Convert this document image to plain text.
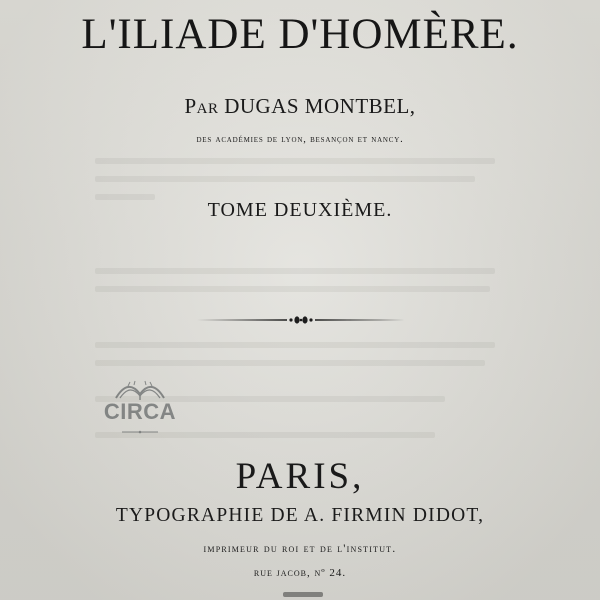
L'ILIADE D'HOMÈRE.
Par DUGAS MONTBEL,
des académies de lyon, besançon et nancy.
TOME DEUXIÈME.
CIRCA
PARIS,
TYPOGRAPHIE DE A. FIRMIN DIDOT,
imprimeur du roi et de l'institut.
rue jacob, nº 24.
